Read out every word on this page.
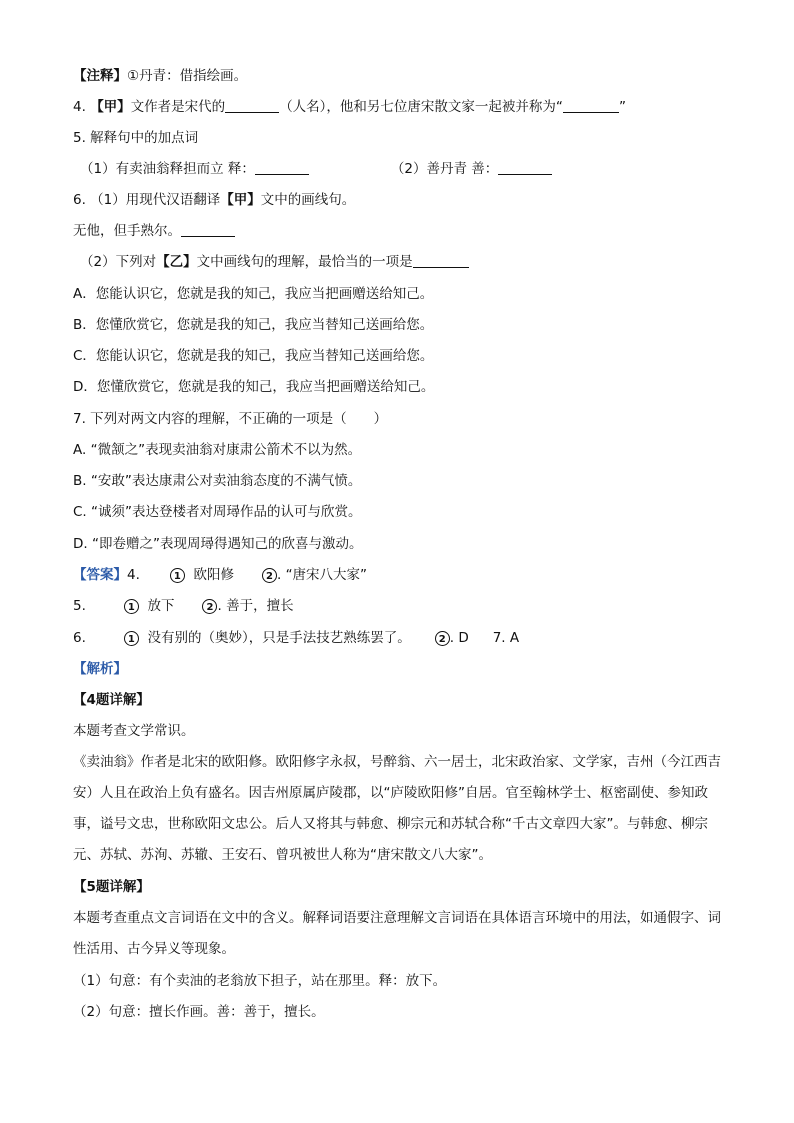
【注释】①丹青：借指绘画。
4. 【甲】文作者是宋代的	（人名），他和另七位唐宋散文家一起被并称为“	”
5. 解释句中的加点词
（1）有卖油翁释担而立 释：	（2）善丹青 善：
6. （1）用现代汉语翻译【甲】文中的画线句。
无他，但手熟尔。
（2）下列对【乙】文中画线句的理解，最恰当的一项是
A．您能认识它，您就是我的知己，我应当把画赠送给知己。
B．您懂欣赏它，您就是我的知己，我应当替知己送画给您。
C．您能认识它，您就是我的知己，我应当替知己送画给您。
D．您懂欣赏它，您就是我的知己，我应当把画赠送给知己。
7. 下列对两文内容的理解，不正确的一项是（　　）
A. “微颔之”表现卖油翁对康肃公箭术不以为然。
B. “安敢”表达康肃公对卖油翁态度的不满气愤。
C. “诚须”表达登楼者对周璕作品的认可与欣赏。
D. “即卷赠之”表现周璕得遇知己的欣喜与激动。
【答案】4.	1 欧阳修	2 . “唐宋八大家”
5.	1 放下	2 . 善于，擅长
6.	1 没有别的（奥妙），只是手法技艺熟练罢了。	2 . D 7. A
【解析】
【4题详解】
本题考查文学常识。
《卖油翁》作者是北宋的欧阳修。欧阳修字永叔，号醉翁、六一居士，北宋政治家、文学家，吉州（今江西吉安）人且在政治上负有盛名。因吉州原属庐陵郡，以“庐陵欧阳修”自居。官至翰林学士、枢密副使、参知政事，谥号文忠，世称欧阳文忠公。后人又将其与韩愈、柳宗元和苏轼合称“千古文章四大家”。与韩愈、柳宗元、苏轼、苏洵、苏辙、王安石、曾巩被世人称为“唐宋散文八大家”。
【5题详解】
本题考查重点文言词语在文中的含义。解释词语要注意理解文言词语在具体语言环境中的用法，如通假字、词性活用、古今异义等现象。
（1）句意：有个卖油的老翁放下担子，站在那里。释：放下。
（2）句意：擅长作画。善：善于，擅长。
